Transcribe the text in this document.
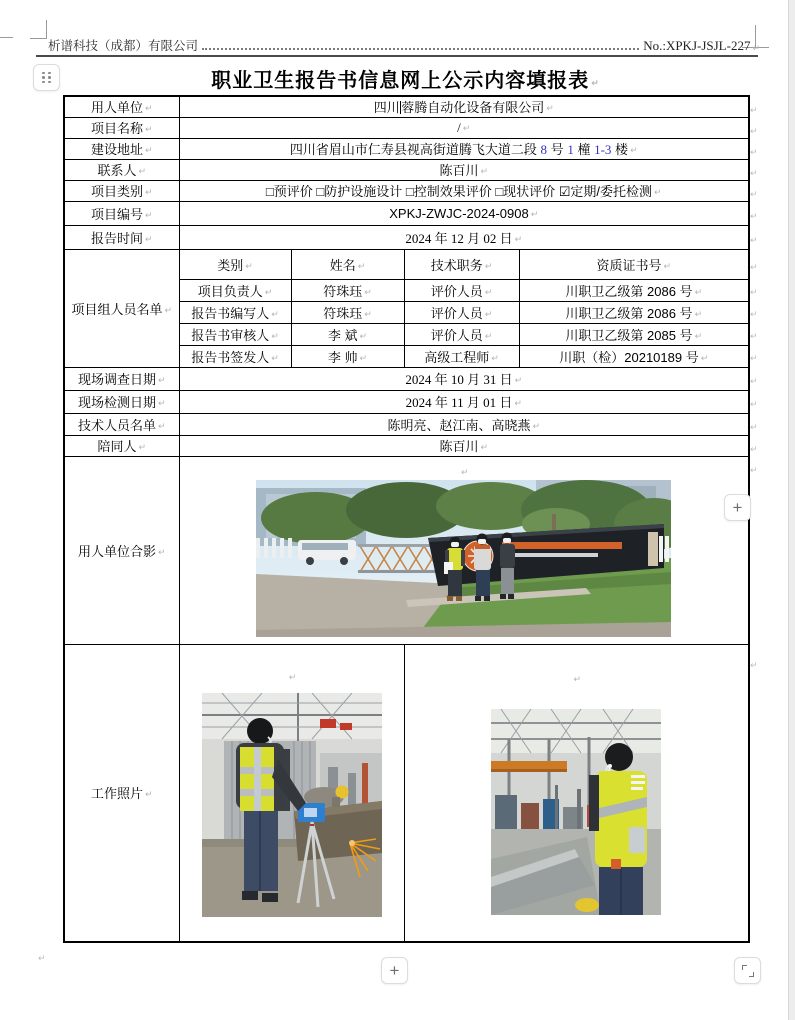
析谱科技（成都）有限公司	No.:XPKJ-JSJL-227
↵
职业卫生报告书信息网上公示内容填报表↵
用人单位↵	四川 蓉腾自动化设备有限公司↵
项目名称↵	/↵
建设地址↵	四川省眉山市仁寿县视高街道腾飞大道二段 8 号 1 橦 1-3 楼↵
联系人↵	陈百川↵
项目类别↵	□预评价 □防护设施设计 □控制效果评价 □现状评价 ☑定期/委托检测↵
项目编号↵	XPKJ-ZWJC-2024-0908↵
报告时间↵	2024 年 12 月 02 日↵
项目组人员名单↵	类别↵	姓名↵	技术职务↵	资质证书号↵
	项目负责人↵	符珠珏↵	评价人员↵	川职卫乙级第 2086 号↵
	报告书编写人↵	符珠珏↵	评价人员↵	川职卫乙级第 2086 号↵
	报告书审核人↵	李 斌↵	评价人员↵	川职卫乙级第 2085 号↵
	报告书签发人↵	李 帅↵	高级工程师↵	川职（检）20210189 号↵
现场调查日期↵	2024 年 10 月 31 日↵
现场检测日期↵	2024 年 11 月 01 日↵
技术人员名单↵	陈明亮、赵江南、高晓燕↵
陪同人↵	陈百川↵
用人单位合影↵	
↵

工作照片↵	
↵

↵
↵
↵
↵
↵
↵
↵
↵
↵
↵
↵
↵
↵
↵
↵
↵
↵
↵
↵
↵
+
+
